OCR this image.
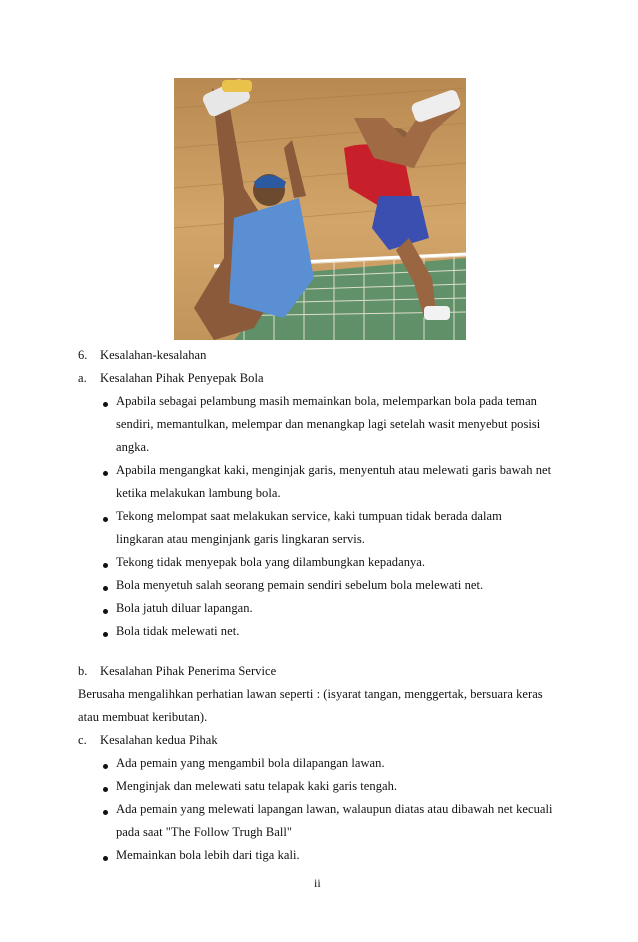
6. Kesalahan-kesalahan
a. Kesalahan Pihak Penyepak Bola
Apabila sebagai pelambung masih memainkan bola, melemparkan bola pada teman
sendiri, memantulkan, melempar dan menangkap lagi setelah wasit menyebut posisi
angka.
Apabila mengangkat kaki, menginjak garis, menyentuh atau melewati garis bawah net
ketika melakukan lambung bola.
Tekong melompat saat melakukan service, kaki tumpuan tidak berada dalam
lingkaran atau menginjank garis lingkaran servis.
Tekong tidak menyepak bola yang dilambungkan kepadanya.
Bola menyetuh salah seorang pemain sendiri sebelum bola melewati net.
Bola jatuh diluar lapangan.
Bola tidak melewati net.
b. Kesalahan Pihak Penerima Service
Berusaha mengalihkan perhatian lawan seperti : (isyarat tangan, menggertak, bersuara keras
atau membuat keributan).
c. Kesalahan kedua Pihak
Ada pemain yang mengambil bola dilapangan lawan.
Menginjak dan melewati satu telapak kaki garis tengah.
Ada pemain yang melewati lapangan lawan, walaupun diatas atau dibawah net kecuali
pada saat "The Follow Trugh Ball"
Memainkan bola lebih dari tiga kali.
ii
